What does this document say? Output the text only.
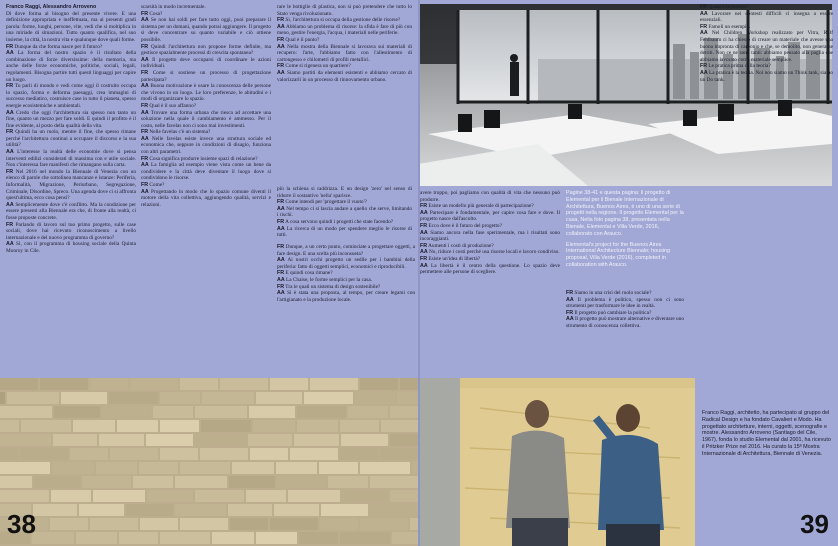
Franco Raggi, Alessandro Arroveno

Di dove forma al bisogno del presente vivere. E una definizione appropriata e ineffettuata, ma ai presenti gradi parola: forme, luoghi, persone, vite, vedi che si moltiplica in una miriade di situazioni. Tutto quanto qualifica, nel suo insieme, la città, la nostra vita e qualunque dove quali forme.

FR Dunque da che forma nasce per il futuro?

AA La forma del nostro spazio è il risultato della combinazione di forze diversissime: della memoria, ma anche delle forze economiche, politiche, sociali, legali, regolamenti. Bisogna partire tutti questi linguaggi per capire un luogo.

FR Tu parli di mondo e vedi come oggi il costruito occupa lo spazio, forma e deforma paesaggi, crea immagini di successo mediatico, costruisce case in tutto il pianeta, spesso energie ecosistemiche e ambientali.

AA Credo che oggi l'architettura sia spesso non tanto un fine, quanto un mezzo per fare soldi. E quindi il profitto è il fine evidente, al posto della qualità della vita.

FR Quindi ha un ruolo, mentre il fine, che spesso rimane perché l'architettura continui a occupare il discorso e la sua utilità?

AA L'interesse la realtà delle economie dove si pensa interventi edilizi considerati di massima con e utile sociale. Non c'interessa fare manifesti che rimangano sulla carta.

FR Nel 2016 nel mondo la Biennale di Venezia con un elenco di parole che sottolinea mancanze e istanze: Periferia, Informalità, Migrazione, Periurbano, Segregazione, Criminale, Disordine, Spreco. Una agenda dove ci si affronta quest'ultima, ecco cosa pensi?

AA Semplicemente dove c'è conflitto. Ma la condizione per essere presenti alla Biennale era che, di fronte alla realtà, ci fosse proposte concrete.

FR Parlando di lavoro sul tuo primo progetto, sulle case sociali, dove hai ricevuto riconoscimento a livello internazionale e del nuovo programma di governo?

AA Sì, con il programma di housing sociale della Quinta Monroy in Cile.

scarsità in modo incrementale.

FR Cosa?

AA Se non hai soldi per fare tutto oggi, puoi preparare il sistema per un domani, quando potrai aggiungere. Il progetto si deve concentrare su quanto variabile e ciò ottiene possibile.

FR Quindi l'architettura non propone forme definite, ma gestisce spazialmente processi di crescita spontanea?

AA Il progetto deve occuparsi di coordinare le azioni individuali.

FR Come si sostiene un processo di progettazione partecipata?

AA Buona motivazione è usare la conoscenza delle persone che vivono in un luogo. Le loro preferenze, le abitudini e i modi di organizzare lo spazio.

FR Qual è il suo affanno?

AA Trovare una forma urbana che riesca ad accettare una soluzione nella quale il cambiamento è ammesso. Per il costo, nelle favelas non ci sono mai investimenti.

FR Nelle favelas c'è un sistema?

AA Nelle favelas esiste invece una struttura sociale ed economica che, seppure in condizioni di disagio, funziona con altri parametri.

FR Cosa significa produrre insieme spazi di relazione?

AA La famiglia ad esempio viene vista come un bene da condividere e la città deve diventare il luogo dove si condividono le risorse.

FR Come?

AA Progettando in modo che lo spazio comune diventi il motore della vita collettiva, aggiungendo qualità, servizi e relazioni.

rare le bottiglie di plastica, non si può pretendere che tutto lo Stato venga rivoluzionato.

FR Sì, l'architettura si occupa della gestione delle risorse?

AA Abbiamo un problema di risorse: la sfida è fare di più con meno, gestire l'energia, l'acqua, i materiali nelle periferie.

FR Qual è il punto?

AA Nella mostra della Biennale si lavorava sui materiali di recupero: l'arte, l'abbiamo fatto con l'allestimento di cartongesso e chilometri di profili metallici.

FR Come si rigenera un quartiere?

AA Siamo partiti da elementi esistenti e abbiamo cercato di valorizzarli in un processo di rinnovamento urbano.

più la schiena si raddrizza. E un design 'zero' nel senso di ridurre il sostantivo 'nella' sparisce.

FR Come intendi per 'progettare il vuoto'?

AA Nel tempo ci si lascia andare a quello che serve, limitando i rischi.

FR A cosa servono quindi i progetti che state facendo?

AA La ricerca di un modo per spendere meglio le risorse di tutti.

FR Dunque, a un certo punto, cominciate a progettare oggetti, a fare design. E una scelta più inconsueta?

AA Ai nostri occhi progetto un sedile per i bambini della periferia: fatto di oggetti semplici, economici e riproducibili.

FR E quindi cosa rimane?

AA La Chaise, le forme semplici per la casa.

FR Tra le quali un sistema di design sostenibile?

AA Si è stata una proposta, al tempo, per creare legami con l'artigianato e la produzione locale.

38

Pagine 38-41 e questa pagina: il progetto di Elemental per il Bienale Internazionale di Architettura, Buenos Aires, è uno di una serie di progetti nella regione. Il progetto Elemental per la casa, Nella foto pagina 38, presentata nella Bienale, Elemental e Villa Verde, 2016, collaborato con Arauco.

Elemental's project for the Buenos Aires International Architecture Biennale; housing proposal, Villa Verde (2016), completed in collaboration with Arauco.

avere troppo, poi pagliamo con qualità di vita che nessuno può produrre.

FR Esiste un modello più generale di partecipazione?

AA Partecipare è fondamentale, per capire cosa fare e dove. Il progetto nasce dall'ascolto.

FR Ecco dove è il futuro del progetto?

AA Siamo ancora nella fase sperimentale, ma i risultati sono incoraggianti.

FR Aumenti i costi di produzione?

AA No, riduce i costi perché usa risorse locali e lavoro condiviso.

FR Esiste un'idea di libertà?

AA La libertà è il centro della questione. Lo spazio deve permettere alle persone di scegliere.

FR Siamo in una crisi del ruolo sociale?

AA Il problema è politico, spesso non ci sono strumenti per trasformare le idee in realtà.

FR Il progetto può cambiare la politica?

AA Il progetto può mostrare alternative e diventare uno strumento di conoscenza collettiva.

FR Quale è la lezione?

AA Lavorare nei contesti difficili ci insegna a essere essenziali.

FR Famoli un esempio.

AA Nel Children Workshop realizzato per Vitra, Rolf Fehlbaum ci ha chiesto di creare un materiale che avesse una buona impronta di carbonio e che, se demolito, non generasse detriti. Non ce ne sono tanti: abbiamo pensato alla paglia che abbiamo lavorato come materiale semplice.

FR Le pratica prima della teoria?

AA La pratica è la teoria. Noi non siamo un Think tank, siamo un Do tank.

Franco Raggi, architetto, ha partecipato al gruppo del Radical Design e ha fondato Cavalieri e Modo. Ha progettato architetture, interni, oggetti, scenografie e mostre. Alessandro Arroveno (Santiago del Cile, 1967), fonda lo studio Elemental dal 2001, ha ricevuto il Pritzker Prize nel 2016. Ha curato la 15ª Mostra Internazionale di Architettura, Biennale di Venezia.
39
